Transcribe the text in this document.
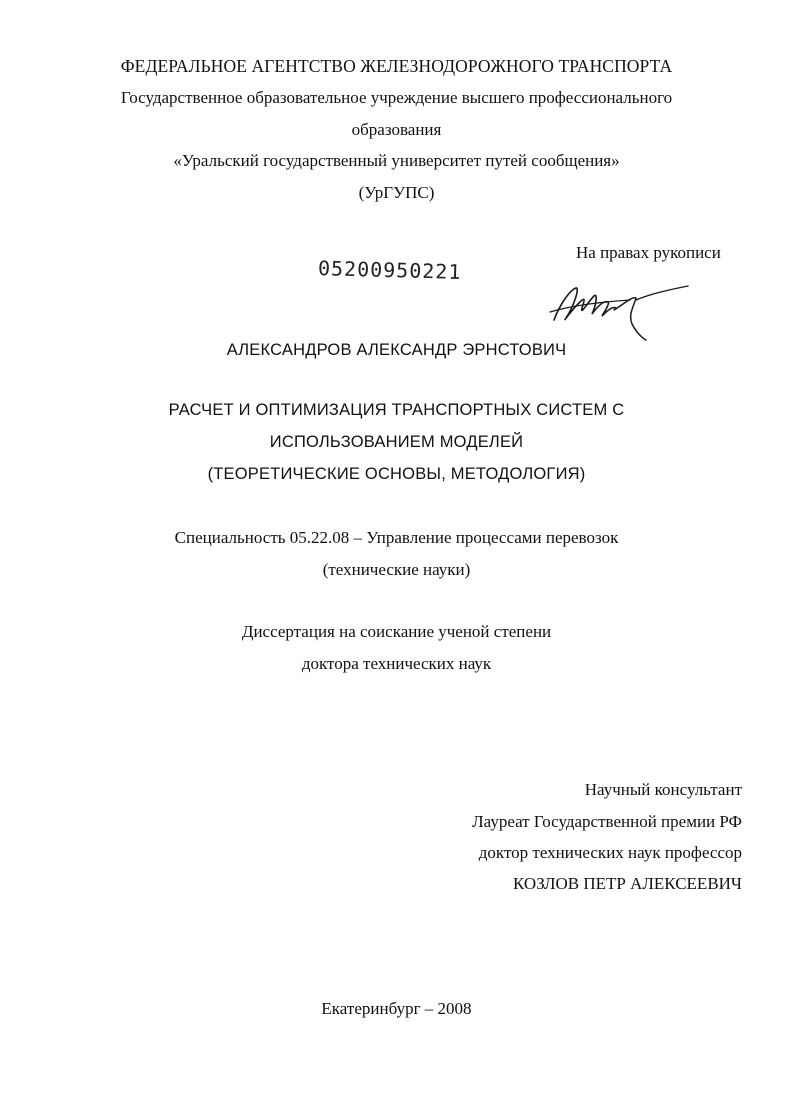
ФЕДЕРАЛЬНОЕ АГЕНТСТВО ЖЕЛЕЗНОДОРОЖНОГО ТРАНСПОРТА
Государственное образовательное учреждение высшего профессионального
образования
«Уральский государственный университет путей сообщения»
(УрГУПС)
На правах рукописи
05200950221
АЛЕКСАНДРОВ АЛЕКСАНДР ЭРНСТОВИЧ
РАСЧЕТ И ОПТИМИЗАЦИЯ ТРАНСПОРТНЫХ СИСТЕМ С
ИСПОЛЬЗОВАНИЕМ МОДЕЛЕЙ
(ТЕОРЕТИЧЕСКИЕ ОСНОВЫ, МЕТОДОЛОГИЯ)
Специальность 05.22.08 – Управление процессами перевозок
(технические науки)
Диссертация на соискание ученой степени
доктора технических наук
Научный консультант
Лауреат Государственной премии РФ
доктор технических наук профессор
КОЗЛОВ ПЕТР АЛЕКСЕЕВИЧ
Екатеринбург – 2008
